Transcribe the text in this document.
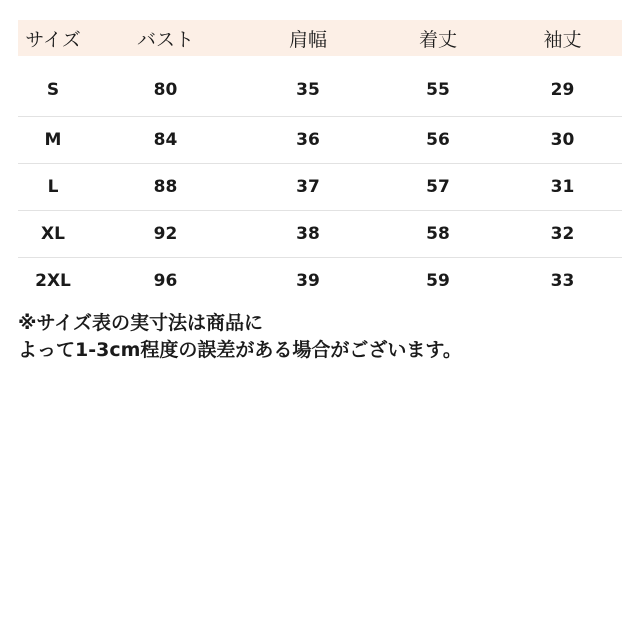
サイズ	バスト	肩幅	着丈	袖丈
S	80	35	55	29
M	84	36	56	30
L	88	37	57	31
XL	92	38	58	32
2XL	96	39	59	33
※サイズ表の実寸法は商品に
よって1-3cm程度の誤差がある場合がございます。
